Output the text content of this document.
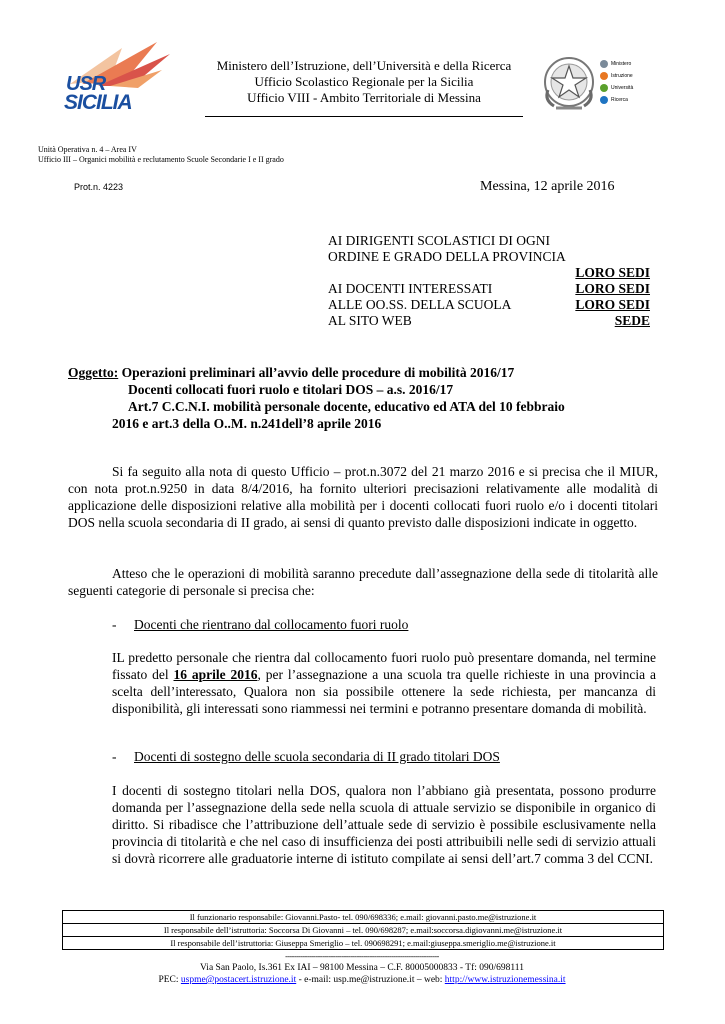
USR
SICILIA
Ministero dell’Istruzione, dell’Università e della Ricerca
Ufficio Scolastico Regionale per la Sicilia
Ufficio VIII - Ambito Territoriale di Messina
Ministero
Istruzione
Università
Ricerca
Unità Operativa n. 4 – Area IV
Ufficio III – Organici mobilità e reclutamento Scuole Secondarie I e II grado
Prot.n. 4223	Messina, 12 aprile 2016
AI DIRIGENTI SCOLASTICI DI OGNI
ORDINE E GRADO DELLA PROVINCIA
LORO SEDI
AI DOCENTI INTERESSATI	LORO SEDI
ALLE OO.SS. DELLA SCUOLA	LORO SEDI
AL SITO WEB	SEDE
Oggetto: Operazioni preliminari all’avvio delle procedure di mobilità 2016/17
Docenti collocati fuori ruolo e titolari DOS – a.s. 2016/17
Art.7 C.C.N.I. mobilità personale docente, educativo ed ATA del 10 febbraio
2016 e art.3 della O..M. n.241dell’8 aprile 2016
Si fa seguito alla nota di questo Ufficio – prot.n.3072 del 21 marzo 2016 e si precisa che il MIUR, con nota prot.n.9250 in data 8/4/2016, ha fornito ulteriori precisazioni relativamente alle modalità di applicazione delle disposizioni relative alla mobilità per i docenti collocati fuori ruolo e/o i docenti titolari DOS nella scuola secondaria di II grado, ai sensi di quanto previsto dalle disposizioni indicate in oggetto.
Atteso che le operazioni di mobilità saranno precedute dall’assegnazione della sede di titolarità alle seguenti categorie di personale si precisa che:
- Docenti che rientrano dal collocamento fuori ruolo
IL predetto personale che rientra dal collocamento fuori ruolo può presentare domanda, nel termine fissato del 16 aprile 2016, per l’assegnazione a una scuola tra quelle richieste in una provincia a scelta dell’interessato, Qualora non sia possibile ottenere la sede richiesta, per mancanza di disponibilità, gli interessati sono riammessi nei termini e potranno presentare domanda di mobilità.
- Docenti di sostegno delle scuola secondaria di II grado titolari DOS
I docenti di sostegno titolari nella DOS, qualora non l’abbiano già presentata, possono produrre domanda per l’assegnazione della sede nella scuola di attuale servizio se disponibile in organico di diritto. Si ribadisce che l’attribuzione dell’attuale sede di servizio è possibile esclusivamente nella provincia di titolarità e che nel caso di insufficienza dei posti attribuibili nelle sedi di servizio attuali si dovrà ricorrere alle graduatorie interne di istituto compilate ai sensi dell’art.7 comma 3 del CCNI.
Il funzionario responsabile: Giovanni.Pasto- tel. 090/698336; e.mail: giovanni.pasto.me@istruzione.it
Il responsabile dell’istruttoria: Soccorsa Di Giovanni – tel. 090/698287; e.mail:soccorsa.digiovanni.me@istruzione.it
Il responsabile dell’istruttoria: Giuseppa Smeriglio – tel. 090698291; e.mail:giuseppa.smeriglio.me@istruzione.it
-----------------------------------------------------------------------
Via San Paolo, Is.361 Ex IAI – 98100 Messina – C.F. 80005000833 - Tf: 090/698111
PEC: uspme@postacert.istruzione.it - e-mail: usp.me@istruzione.it – web: http://www.istruzionemessina.it
